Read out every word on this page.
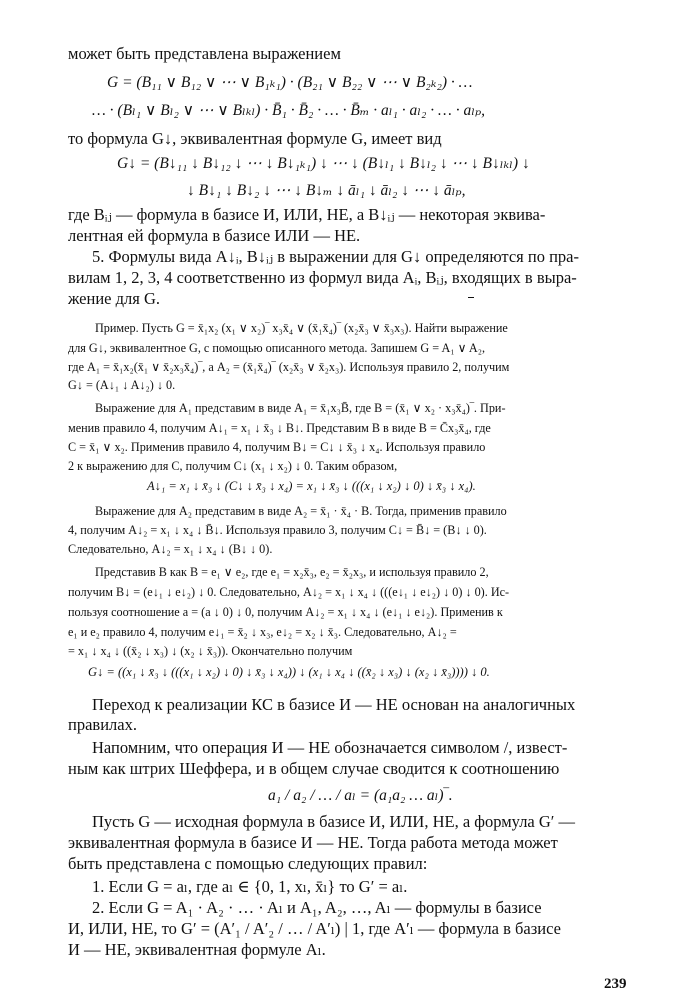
может быть представлена выражением
G = (B₁₁ ∨ B₁₂ ∨ ⋯ ∨ B₁ₖ₁) · (B₂₁ ∨ B₂₂ ∨ ⋯ ∨ B₂ₖ₂) · …
… · (Bₗ₁ ∨ Bₗ₂ ∨ ⋯ ∨ Bₗₖₗ) · B̄₁ · B̄₂ · … · B̄ₘ · aₗ₁ · aₗ₂ · … · aₗₚ,
то формула G↓, эквивалентная формуле G, имеет вид
G↓ = (B↓₁₁ ↓ B↓₁₂ ↓ ⋯ ↓ B↓₁ₖ₁) ↓ ⋯ ↓ (B↓ₗ₁ ↓ B↓ₗ₂ ↓ ⋯ ↓ B↓ₗₖₗ) ↓
↓ B↓₁ ↓ B↓₂ ↓ ⋯ ↓ B↓ₘ ↓ āₗ₁ ↓ āₗ₂ ↓ ⋯ ↓ āₗₚ,
где Bᵢⱼ — формула в базисе И, ИЛИ, НЕ, а B↓ᵢⱼ — некоторая эквива-
лентная ей формула в базисе ИЛИ — НЕ.
5. Формулы вида A↓ᵢ, B↓ᵢⱼ в выражении для G↓ определяются по пра-
вилам 1, 2, 3, 4 соответственно из формул вида Aᵢ, Bᵢⱼ, входящих в выра-
жение для G.
Пример. Пусть G = x̄₁x₂ (x₁ ∨ x₂)‾ x₃x̄₄ ∨ (x̄₁x̄₄)‾ (x₂x̄₃ ∨ x̄₃x₃). Найти выражение
для G↓, эквивалентное G, с помощью описанного метода. Запишем G = A₁ ∨ A₂,
где A₁ = x̄₁x₂(x̄₁ ∨ x̄₂x₃x̄₄)‾, а A₂ = (x̄₁x̄₄)‾ (x₂x̄₃ ∨ x̄₂x₃). Используя правило 2, получим
G↓ = (A↓₁ ↓ A↓₂) ↓ 0.
Выражение для A₁ представим в виде A₁ = x̄₁x₃B̄, где B = (x̄₁ ∨ x₂ · x₃x̄₄)‾. При-
менив правило 4, получим A↓₁ = x₁ ↓ x̄₃ ↓ B↓. Представим B в виде B = C̄x₃x̄₄, где
C = x̄₁ ∨ x₂. Применив правило 4, получим B↓ = C↓ ↓ x̄₃ ↓ x₄. Используя правило
2 к выражению для C, получим C↓ (x₁ ↓ x₂) ↓ 0. Таким образом,
A↓₁ = x₁ ↓ x̄₃ ↓ (C↓ ↓ x̄₃ ↓ x₄) = x₁ ↓ x̄₃ ↓ (((x₁ ↓ x₂) ↓ 0) ↓ x̄₃ ↓ x₄).
Выражение для A₂ представим в виде A₂ = x̄₁ · x̄₄ · B. Тогда, применив правило
4, получим A↓₂ = x₁ ↓ x₄ ↓ B̄↓. Используя правило 3, получим C↓ = B̄↓ = (B↓ ↓ 0).
Следовательно, A↓₂ = x₁ ↓ x₄ ↓ (B↓ ↓ 0).
Представив B как B = e₁ ∨ e₂, где e₁ = x₂x̄₃, e₂ = x̄₂x₃, и используя правило 2,
получим B↓ = (e↓₁ ↓ e↓₂) ↓ 0. Следовательно, A↓₂ = x₁ ↓ x₄ ↓ (((e↓₁ ↓ e↓₂) ↓ 0) ↓ 0). Ис-
пользуя соотношение a = (a ↓ 0) ↓ 0, получим A↓₂ = x₁ ↓ x₄ ↓ (e↓₁ ↓ e↓₂). Применив к
e₁ и e₂ правило 4, получим e↓₁ = x̄₂ ↓ x₃, e↓₂ = x₂ ↓ x̄₃. Следовательно, A↓₂ =
= x₁ ↓ x₄ ↓ ((x̄₂ ↓ x₃) ↓ (x₂ ↓ x̄₃)). Окончательно получим
G↓ = ((x₁ ↓ x̄₃ ↓ (((x₁ ↓ x₂) ↓ 0) ↓ x̄₃ ↓ x₄)) ↓ (x₁ ↓ x₄ ↓ ((x̄₂ ↓ x₃) ↓ (x₂ ↓ x̄₃)))) ↓ 0.
Переход к реализации КС в базисе И — НЕ основан на аналогичных
правилах.
Напомним, что операция И — НЕ обозначается символом /, извест-
ным как штрих Шеффера, и в общем случае сводится к соотношению
a₁ / a₂ / … / aₗ = (a₁a₂ … aₗ)‾.
Пусть G — исходная формула в базисе И, ИЛИ, НЕ, а формула G′ —
эквивалентная формула в базисе И — НЕ. Тогда работа метода может
быть представлена с помощью следующих правил:
1. Если G = aₗ, где aₗ ∈ {0, 1, xₗ, x̄ₗ} то G′ = aₗ.
2. Если G = A₁ · A₂ · … · Aₗ и A₁, A₂, …, Aₗ — формулы в базисе
И, ИЛИ, НЕ, то G′ = (A′₁ / A′₂ / … / A′ₗ) | 1, где A′ₗ — формула в базисе
И — НЕ, эквивалентная формуле Aₗ.
239
